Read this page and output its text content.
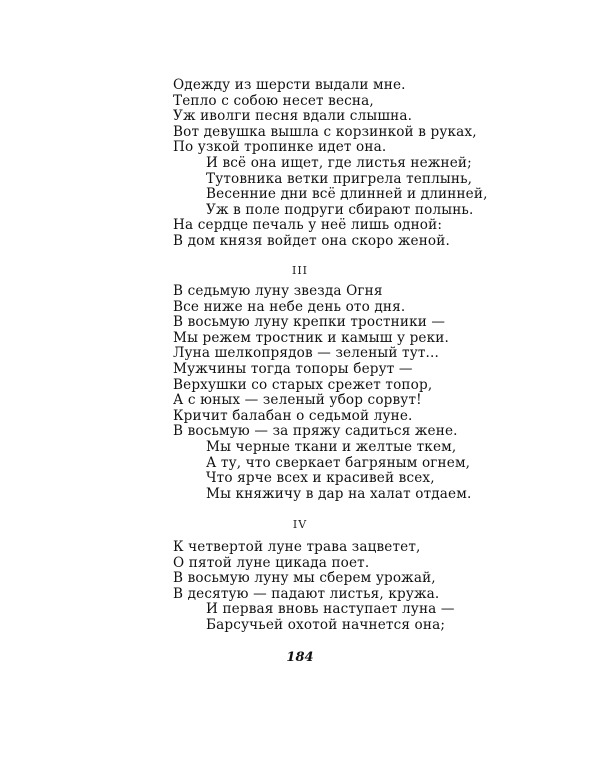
Одежду из шерсти выдали мне.
Тепло с собою несет весна,
Уж иволги песня вдали слышна.
Вот девушка вышла с корзинкой в руках,
По узкой тропинке идет она.
И всё она ищет, где листья нежней;
Тутовника ветки пригрела теплынь,
Весенние дни всё длинней и длинней,
Уж в поле подруги сбирают полынь.
На сердце печаль у неё лишь одной:
В дом князя войдет она скоро женой.
III
В седьмую луну звезда Огня
Все ниже на небе день ото дня.
В восьмую луну крепки тростники —
Мы режем тростник и камыш у реки.
Луна шелкопрядов — зеленый тут...
Мужчины тогда топоры берут —
Верхушки со старых срежет топор,
А с юных — зеленый убор сорвут!
Кричит балабан о седьмой луне.
В восьмую — за пряжу садиться жене.
Мы черные ткани и желтые ткем,
А ту, что сверкает багряным огнем,
Что ярче всех и красивей всех,
Мы княжичу в дар на халат отдаем.
IV
К четвертой луне трава зацветет,
О пятой луне цикада поет.
В восьмую луну мы сберем урожай,
В десятую — падают листья, кружа.
И первая вновь наступает луна —
Барсучьей охотой начнется она;
184
